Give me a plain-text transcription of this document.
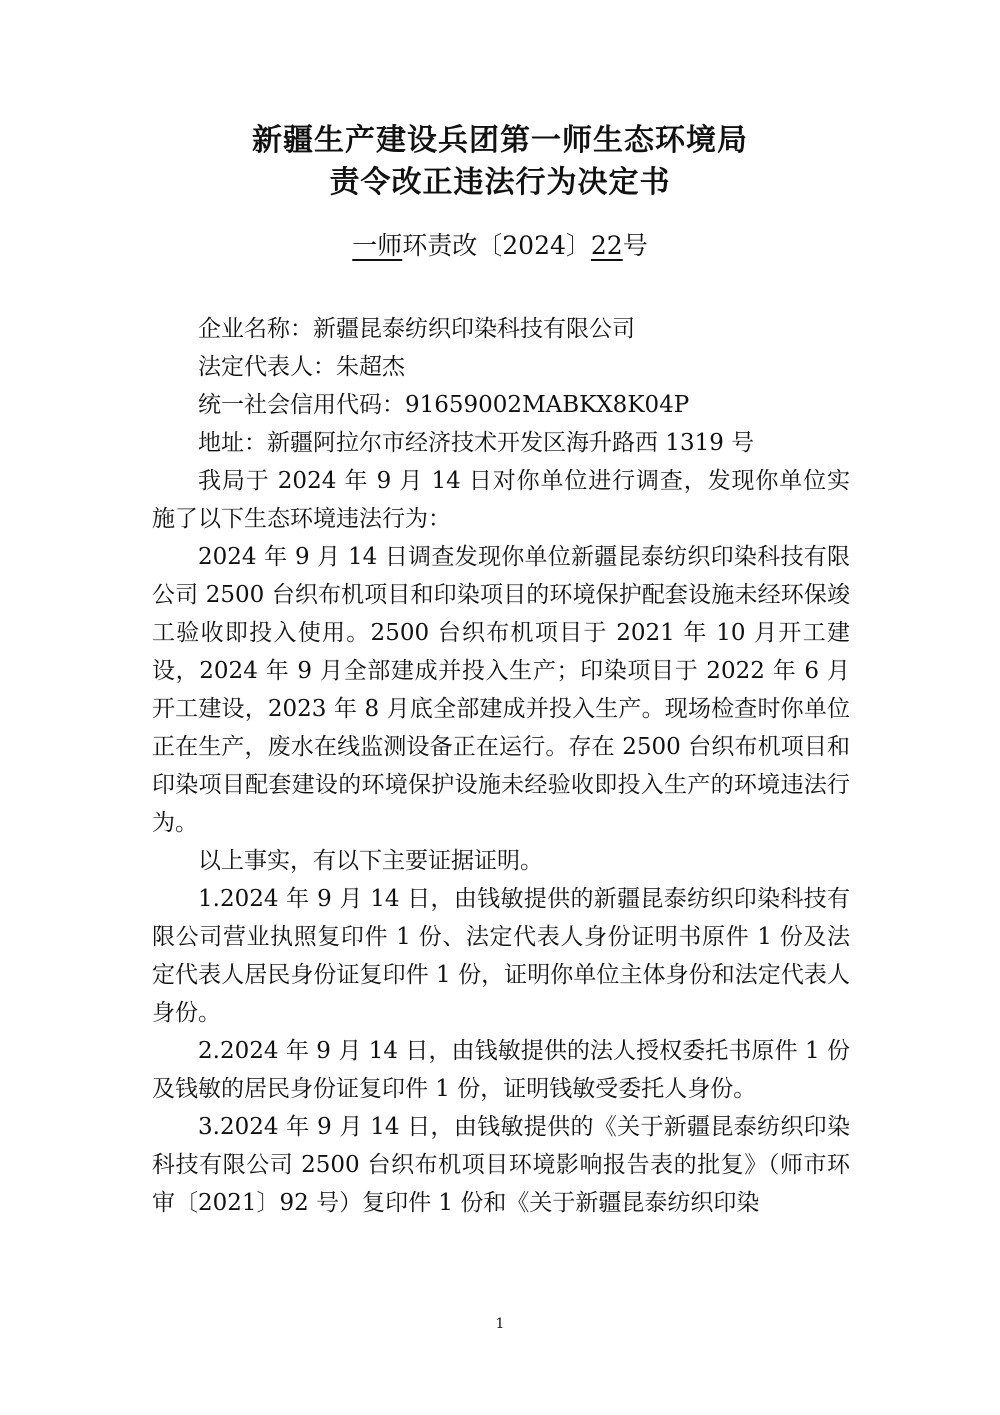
新疆生产建设兵团第一师生态环境局
责令改正违法行为决定书
一师环责改〔2024〕22号

企业名称：新疆昆泰纺织印染科技有限公司

法定代表人：朱超杰

统一社会信用代码：91659002MABKX8K04P

地址：新疆阿拉尔市经济技术开发区海升路西 1319 号

我局于 2024 年 9 月 14 日对你单位进行调查，发现你单位实施了以下生态环境违法行为：

2024 年 9 月 14 日调查发现你单位新疆昆泰纺织印染科技有限公司 2500 台织布机项目和印染项目的环境保护配套设施未经环保竣工验收即投入使用。2500 台织布机项目于 2021 年 10 月开工建设，2024 年 9 月全部建成并投入生产；印染项目于 2022 年 6 月开工建设，2023 年 8 月底全部建成并投入生产。现场检查时你单位正在生产，废水在线监测设备正在运行。存在 2500 台织布机项目和印染项目配套建设的环境保护设施未经验收即投入生产的环境违法行为。

以上事实，有以下主要证据证明。

1.2024 年 9 月 14 日，由钱敏提供的新疆昆泰纺织印染科技有限公司营业执照复印件 1 份、法定代表人身份证明书原件 1 份及法定代表人居民身份证复印件 1 份，证明你单位主体身份和法定代表人身份。

2.2024 年 9 月 14 日，由钱敏提供的法人授权委托书原件 1 份及钱敏的居民身份证复印件 1 份，证明钱敏受委托人身份。

3.2024 年 9 月 14 日，由钱敏提供的《关于新疆昆泰纺织印染科技有限公司 2500 台织布机项目环境影响报告表的批复》（师市环审〔2021〕92 号）复印件 1 份和《关于新疆昆泰纺织印染

1
